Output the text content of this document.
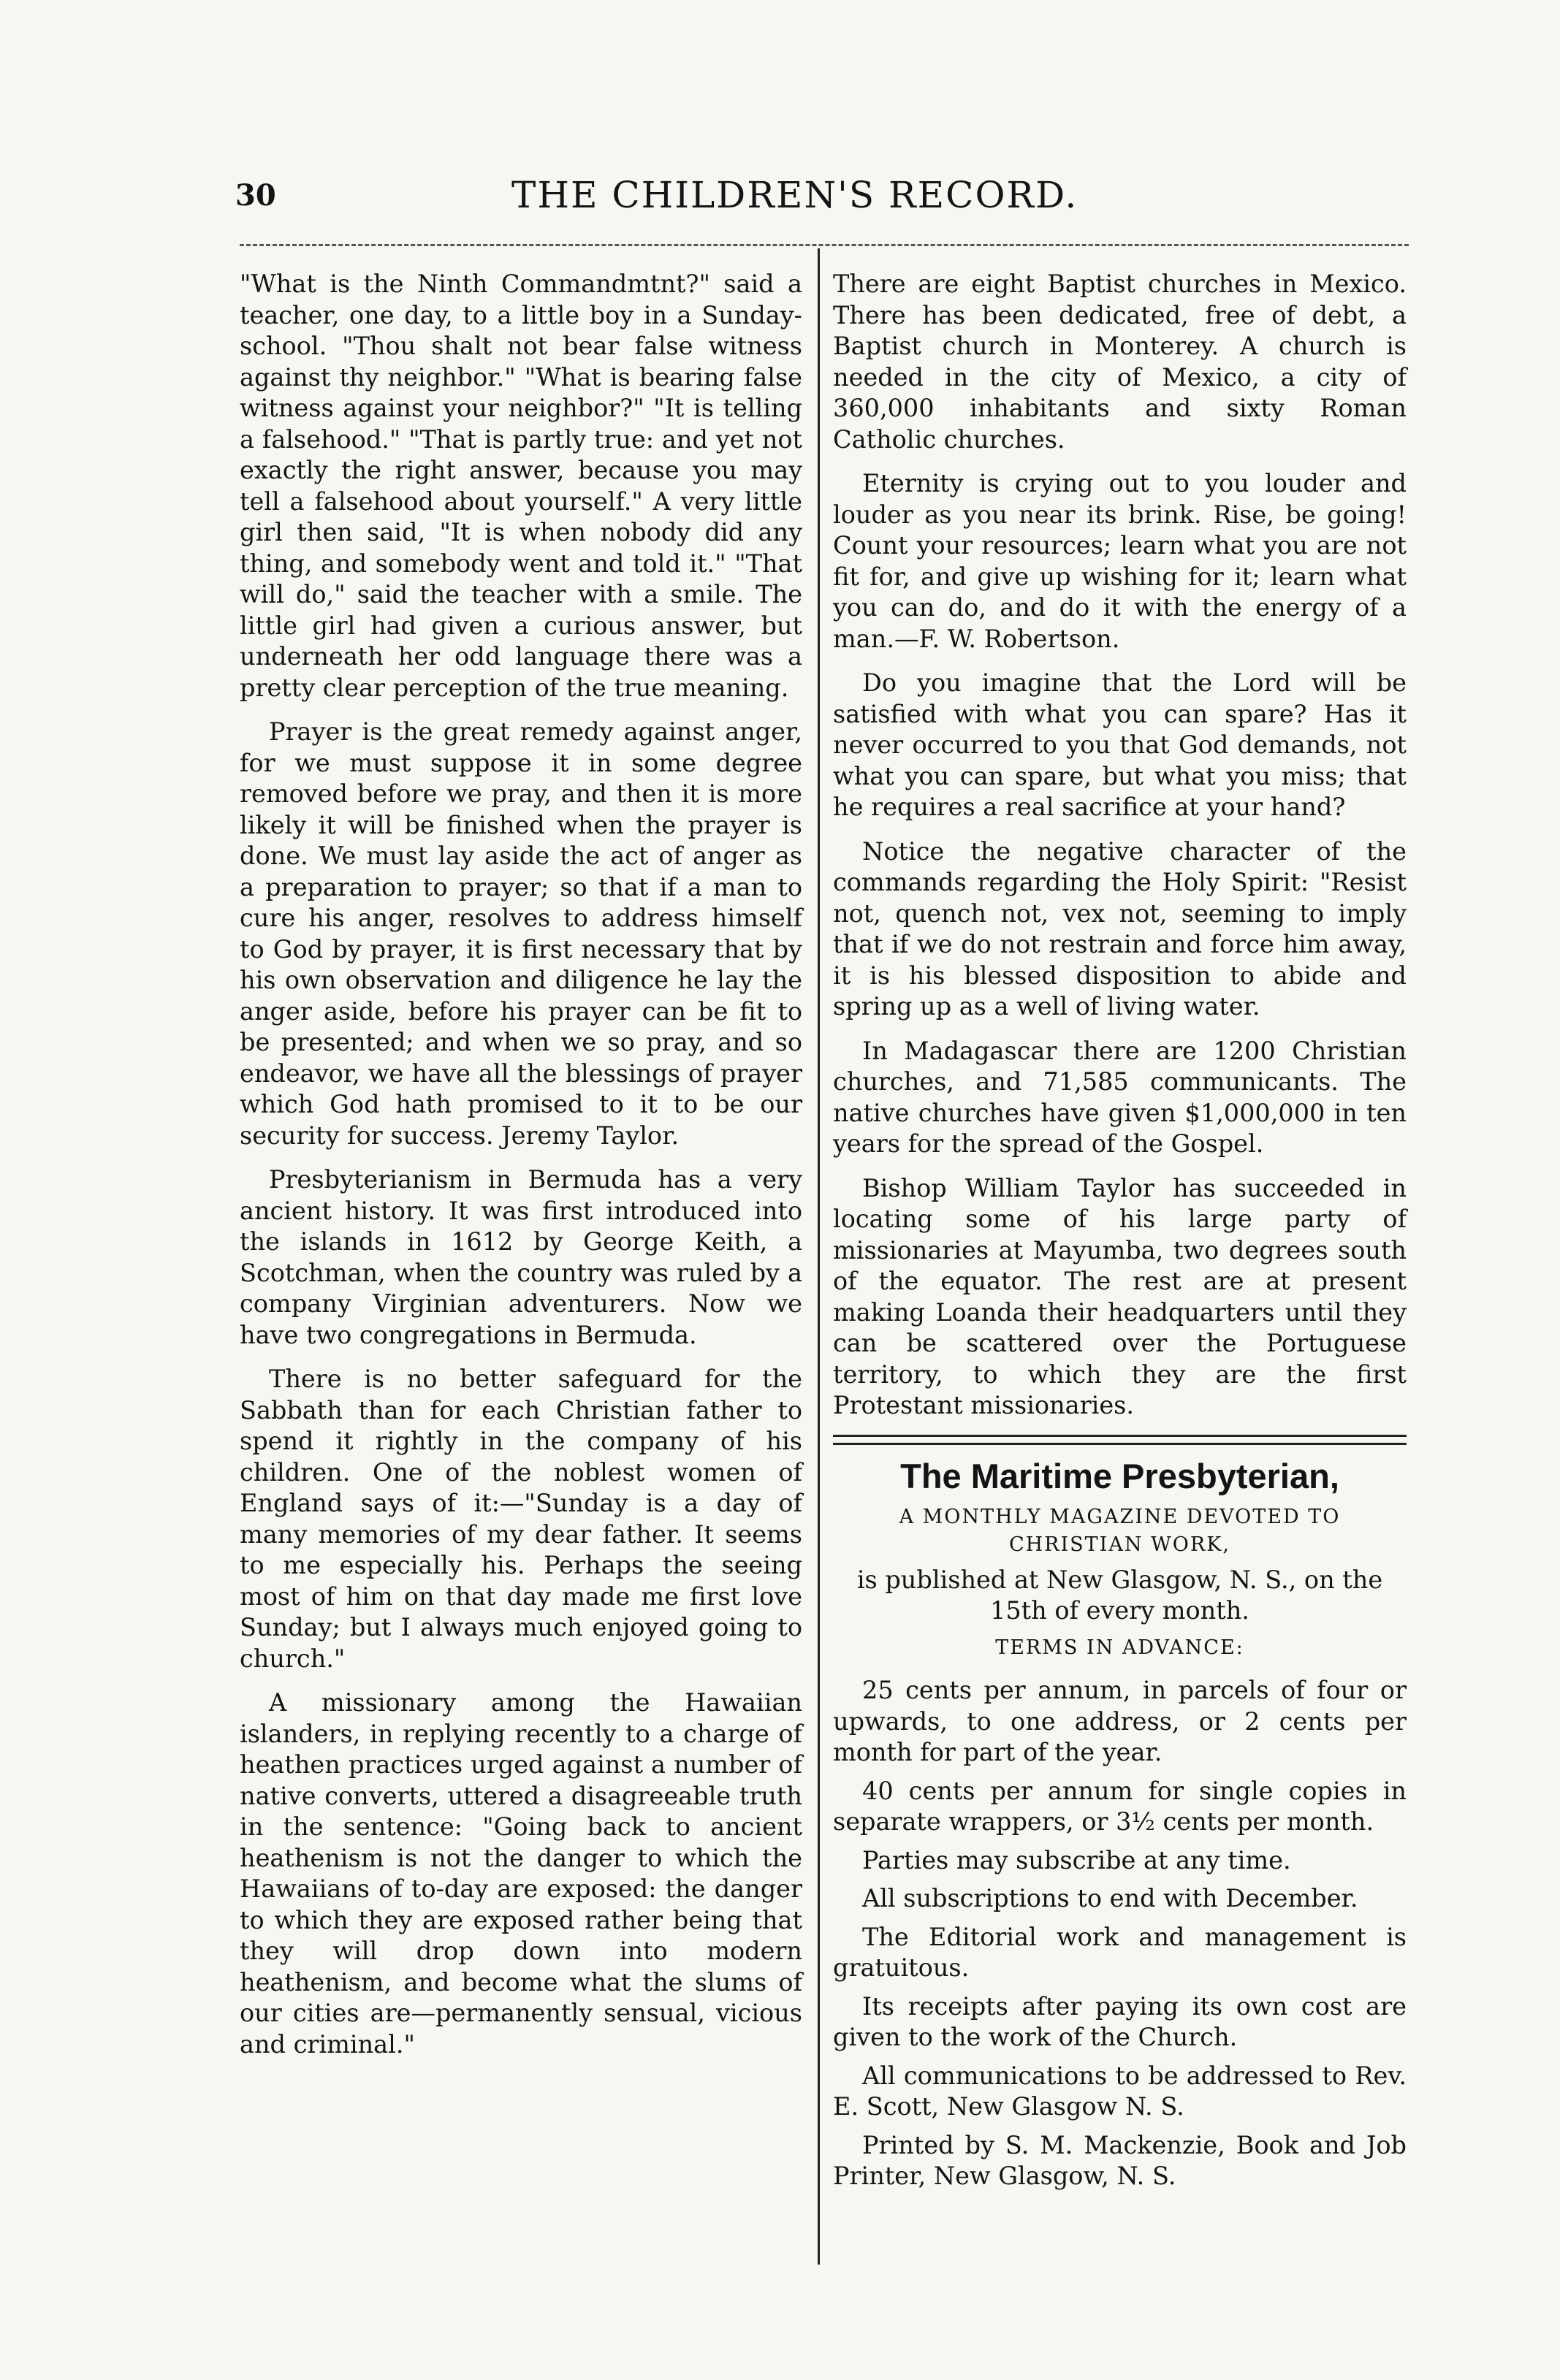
30	THE CHILDREN'S RECORD.

"What is the Ninth Commandmtnt?" said a teacher, one day, to a little boy in a Sunday-school. "Thou shalt not bear false witness against thy neighbor." "What is bearing false witness against your neighbor?" "It is telling a falsehood." "That is partly true: and yet not exactly the right answer, because you may tell a falsehood about yourself." A very little girl then said, "It is when nobody did any thing, and somebody went and told it." "That will do," said the teacher with a smile. The little girl had given a curious answer, but underneath her odd language there was a pretty clear perception of the true meaning.

Prayer is the great remedy against anger, for we must suppose it in some degree removed before we pray, and then it is more likely it will be finished when the prayer is done. We must lay aside the act of anger as a preparation to prayer; so that if a man to cure his anger, resolves to address himself to God by prayer, it is first necessary that by his own observation and diligence he lay the anger aside, before his prayer can be fit to be presented; and when we so pray, and so endeavor, we have all the blessings of prayer which God hath promised to it to be our security for success. Jeremy Taylor.

Presbyterianism in Bermuda has a very ancient history. It was first introduced into the islands in 1612 by George Keith, a Scotchman, when the country was ruled by a company Virginian adventurers. Now we have two congregations in Bermuda.

There is no better safeguard for the Sabbath than for each Christian father to spend it rightly in the company of his children. One of the noblest women of England says of it:—"Sunday is a day of many memories of my dear father. It seems to me especially his. Perhaps the seeing most of him on that day made me first love Sunday; but I always much enjoyed going to church."

A missionary among the Hawaiian islanders, in replying recently to a charge of heathen practices urged against a number of native converts, uttered a disagreeable truth in the sentence: "Going back to ancient heathenism is not the danger to which the Hawaiians of to-day are exposed: the danger to which they are exposed rather being that they will drop down into modern heathenism, and become what the slums of our cities are—permanently sensual, vicious and criminal."

There are eight Baptist churches in Mexico. There has been dedicated, free of debt, a Baptist church in Monterey. A church is needed in the city of Mexico, a city of 360,000 inhabitants and sixty Roman Catholic churches.

Eternity is crying out to you louder and louder as you near its brink. Rise, be going! Count your resources; learn what you are not fit for, and give up wishing for it; learn what you can do, and do it with the energy of a man.—F. W. Robertson.

Do you imagine that the Lord will be satisfied with what you can spare? Has it never occurred to you that God demands, not what you can spare, but what you miss; that he requires a real sacrifice at your hand?

Notice the negative character of the commands regarding the Holy Spirit: "Resist not, quench not, vex not, seeming to imply that if we do not restrain and force him away, it is his blessed disposition to abide and spring up as a well of living water.

In Madagascar there are 1200 Christian churches, and 71,585 communicants. The native churches have given $1,000,000 in ten years for the spread of the Gospel.

Bishop William Taylor has succeeded in locating some of his large party of missionaries at Mayumba, two degrees south of the equator. The rest are at present making Loanda their headquarters until they can be scattered over the Portuguese territory, to which they are the first Protestant missionaries.

The Maritime Presbyterian,
A MONTHLY MAGAZINE DEVOTED TO CHRISTIAN WORK,
is published at New Glasgow, N. S., on the 15th of every month.
TERMS IN ADVANCE:

25 cents per annum, in parcels of four or upwards, to one address, or 2 cents per month for part of the year.

40 cents per annum for single copies in separate wrappers, or 3½ cents per month.

Parties may subscribe at any time.

All subscriptions to end with December.

The Editorial work and management is gratuitous.

Its receipts after paying its own cost are given to the work of the Church.

All communications to be addressed to Rev. E. Scott, New Glasgow N. S.

Printed by S. M. Mackenzie, Book and Job Printer, New Glasgow, N. S.
